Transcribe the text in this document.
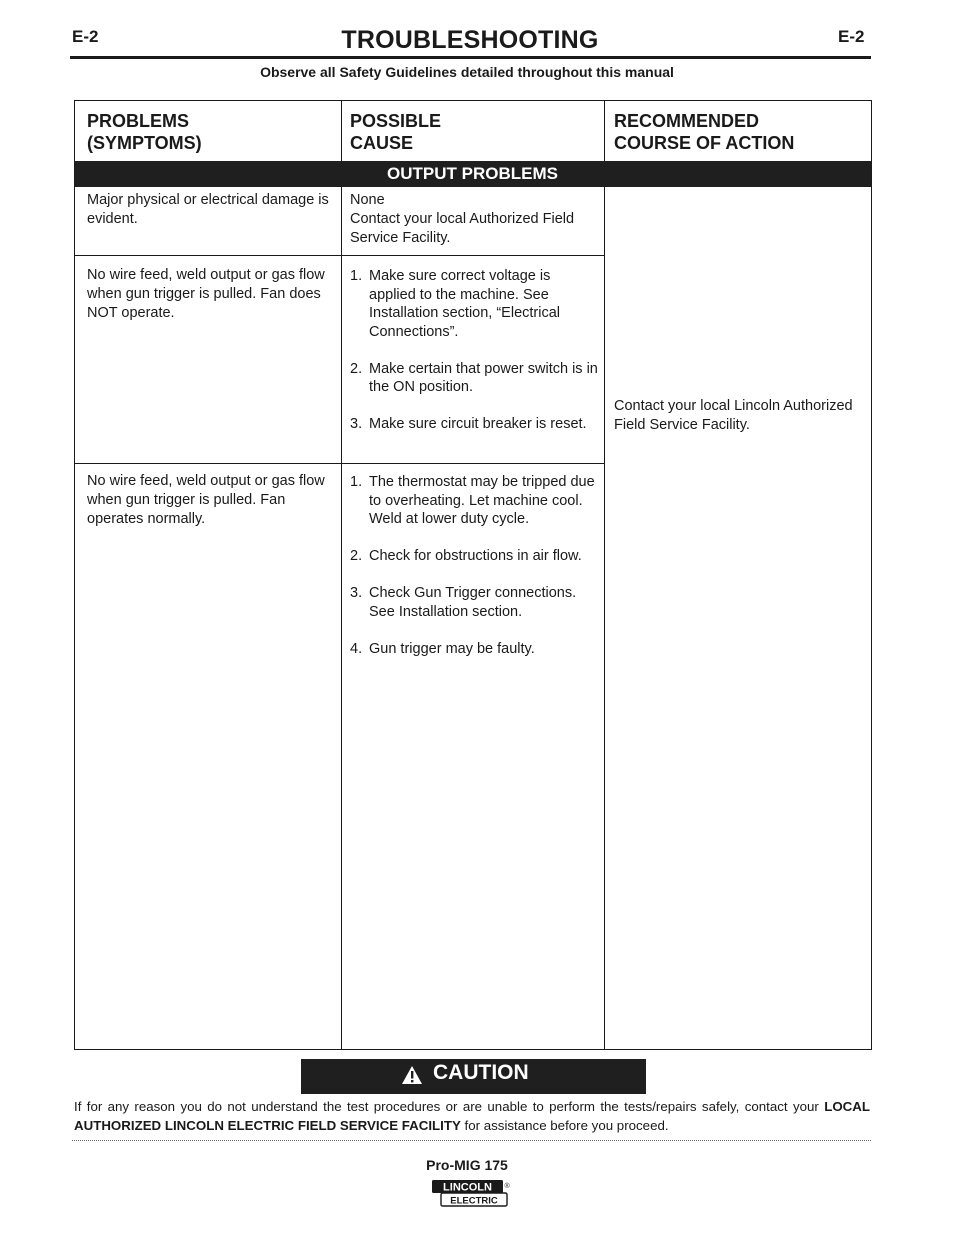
E-2	TROUBLESHOOTING	E-2
Observe all Safety Guidelines detailed throughout this manual
PROBLEMS
(SYMPTOMS)
POSSIBLE
CAUSE
RECOMMENDED
COURSE OF ACTION
OUTPUT PROBLEMS
Major physical or electrical damage is evident.
None
Contact your local Authorized Field Service Facility.
No wire feed, weld output or gas flow when gun trigger is pulled. Fan does NOT operate.
1. Make sure correct voltage is applied to the machine. See Installation section, “Electrical Connections”.
2. Make certain that power switch is in the ON position.
3. Make sure circuit breaker is reset.
No wire feed, weld output or gas flow when gun trigger is pulled. Fan operates normally.
1. The thermostat may be tripped due to overheating. Let machine cool. Weld at lower duty cycle.
2. Check for obstructions in air flow.
3. Check Gun Trigger connections. See Installation section.
4. Gun trigger may be faulty.
Contact your local Lincoln Authorized Field Service Facility.
CAUTION
If for any reason you do not understand the test procedures or are unable to perform the tests/repairs safely, contact your LOCAL AUTHORIZED LINCOLN ELECTRIC FIELD SERVICE FACILITY for assistance before you proceed.
Pro-MIG 175
LINCOLN
ELECTRIC
®
